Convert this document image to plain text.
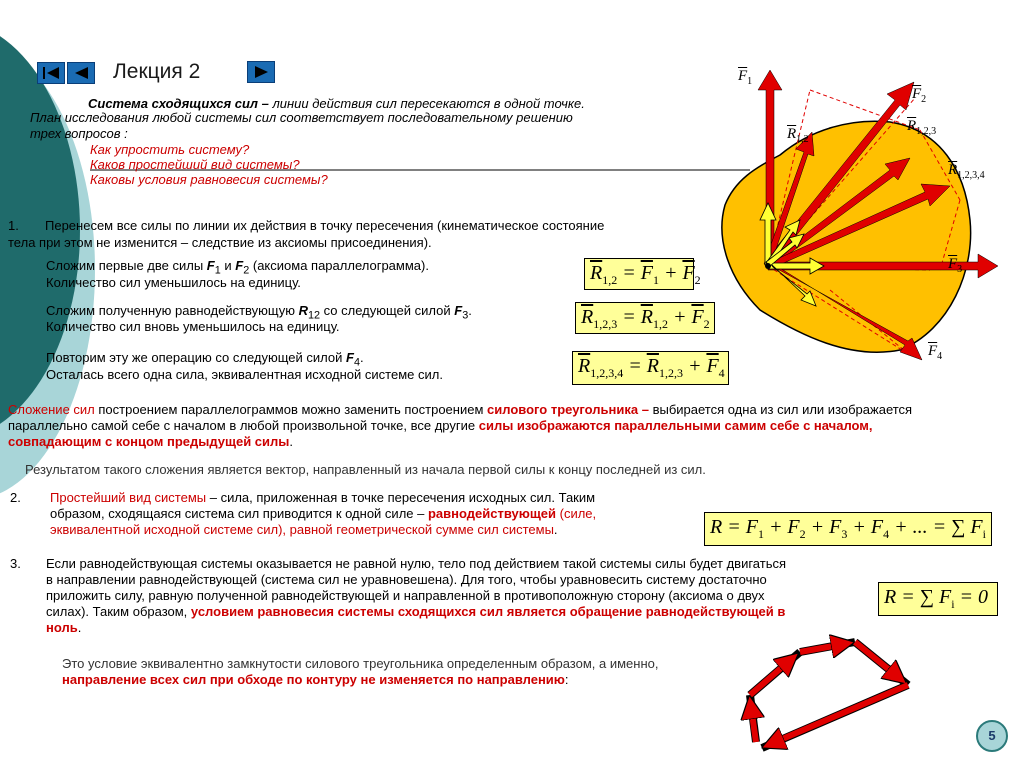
Лекция 2
Система сходящихся сил – линии действия сил пересекаются в одной точке.
План исследования любой системы сил соответствует последовательному решению
трех вопросов :
Как упростить систему?
Каков простейший вид системы?
Каковы условия равновесия системы?
1. Перенесем все силы по линии их действия в точку пересечения (кинематическое состояние
тела при этом не изменится – следствие из аксиомы присоединения).
Сложим первые две силы $F_1$ и $F_2$ (аксиома параллелограмма).
Количество сил уменьшилось на единицу.
Сложим полученную равнодействующую $R_{12}$ со следующей силой $F_3$.
Количество сил вновь уменьшилось на единицу.
Повторим эту же операцию со следующей силой $F_4$.
Осталась всего одна сила, эквивалентная исходной системе сил.
$\overline{R}_{1,2} = \overline{F}_1 + \overline{F}_2$
$\overline{R}_{1,2,3} = \overline{R}_{1,2} + \overline{F}_2$
$\overline{R}_{1,2,3,4} = \overline{R}_{1,2,3} + \overline{F}_4$
$R = F_1 + F_2 + F_3 + F_4$ + ... = ∑ $F_i$
R = ∑ $F_i = 0$
$\overline{F}_1$
$\overline{F}_2$
$\overline{F}_3$
$\overline{F}_4$
$\overline{R}_{1,2}$
$\overline{R}_{1,2,3}$
$\overline{R}_{1,2,3,4}$
Сложение сил построением параллелограммов можно заменить построением силового треугольника – выбирается одна из сил или изображается
параллельно самой себе с началом в любой произвольной точке, все другие силы изображаются параллельными самим себе с началом,
совпадающим с концом предыдущей силы.
Результатом такого сложения является вектор, направленный из начала первой силы к концу последней из сил.
2. Простейший вид системы – сила, приложенная в точке пересечения исходных сил. Таким
образом, сходящаяся система сил приводится к одной силе – равнодействующей (силе,
эквивалентной исходной системе сил), равной геометрической сумме сил системы.
3. Если равнодействующая системы оказывается не равной нулю, тело под действием такой системы силы будет двигаться
в направлении равнодействующей (система сил не уравновешена). Для того, чтобы уравновесить систему достаточно
приложить силу, равную полученной равнодействующей и направленной в противоположную сторону (аксиома о двух
силах). Таким образом, условием равновесия системы сходящихся сил является обращение равнодействующей в
ноль.
Это условие эквивалентно замкнутости силового треугольника определенным образом, а именно,
направление всех сил при обходе по контуру не изменяется по направлению:
5
